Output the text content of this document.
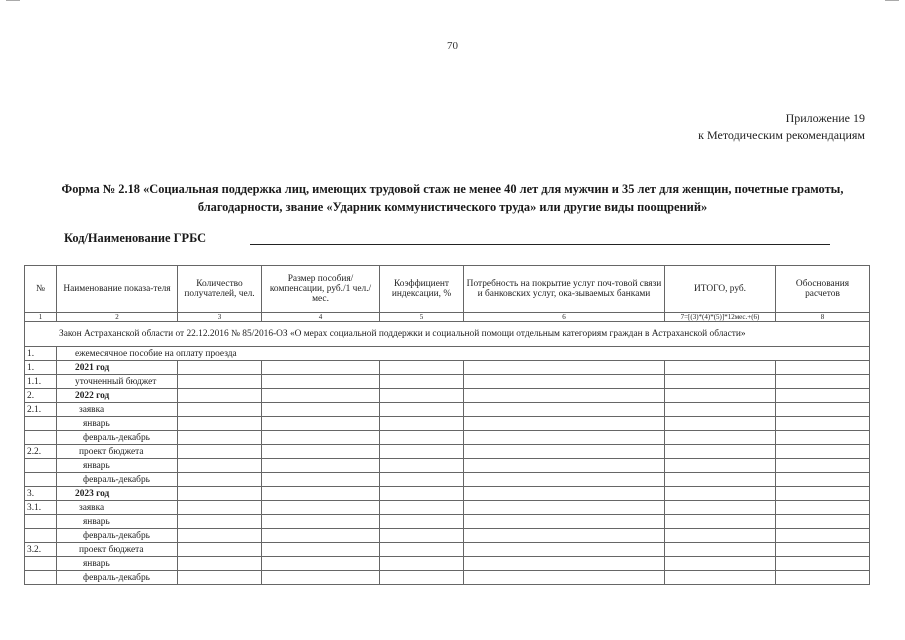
70
Приложение 19
к Методическим рекомендациям
Форма № 2.18 «Социальная поддержка лиц, имеющих трудовой стаж не менее 40 лет для мужчин и 35 лет для женщин, почетные грамоты, благодарности, звание «Ударник коммунистического труда» или другие виды поощрений»
Код/Наименование ГРБС
№	Наименование показа-теля	Количество получателей, чел.	Размер пособия/компенсации, руб./1 чел./мес.	Коэффициент индексации, %	Потребность на покрытие услуг поч-товой связи и банковских услуг, ока-зываемых банками	ИТОГО, руб.	Обоснования расчетов
1	2	3	4	5	6	7=[(3)*(4)*(5)]*12мес.+(6)	8
Закон Астраханской области от 22.12.2016 № 85/2016-ОЗ «О мерах социальной поддержки и социальной помощи отдельным категориям граждан в Астраханской области»							
1.	ежемесячное пособие на оплату проезда						
1.	2021 год						
1.1.	уточненный бюджет						
2.	2022 год						
2.1.	заявка						
	январь						
	февраль-декабрь						
2.2.	проект бюджета						
	январь						
	февраль-декабрь						
3.	2023 год						
3.1.	заявка						
	январь						
	февраль-декабрь						
3.2.	проект бюджета						
	январь						
	февраль-декабрь						
